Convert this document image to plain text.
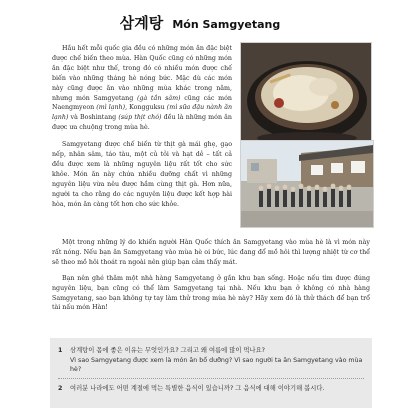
삼계탕 Món Samgyetang

Hầu hết mỗi quốc gia đều có những món ăn đặc biệt được chế biến theo mùa. Hàn Quốc cũng có những món ăn đặc biệt như thế, trong đó có nhiều món được chế biến vào những tháng hè nóng bức. Mặc dù các món này cũng được ăn vào những mùa khác trong năm, nhưng món Samgyetang (gà tần sâm) cũng các món Naengmyeon (mì lạnh), Kongguksu (mì sữa đậu nành ăn lạnh) và Boshintang (súp thịt chó) đều là những món ăn được ưa chuộng trong mùa hè.

Samgyetang được chế biến từ thịt gà mái ghẹ, gạo nếp, nhân sâm, táo tàu, một củ tỏi và hạt dẻ – tất cả đều được xem là những nguyên liệu rất tốt cho sức khỏe. Món ăn này chứa nhiều dưỡng chất vì những nguyên liệu vừa nêu được hầm cùng thịt gà. Hơn nữa, người ta cho rằng do các nguyên liệu được kết hợp hài hòa, món ăn càng tốt hơn cho sức khỏe.

Một trong những lý do khiến người Hàn Quốc thích ăn Samgyetang vào mùa hè là vì món này rất nóng. Nếu bạn ăn Samgyetang vào mùa hè oi bức, lúc đang đổ mồ hôi thì lượng nhiệt từ cơ thể sẽ theo mồ hôi thoát ra ngoài nên giúp bạn cảm thấy mát.

Bạn nên ghé thăm một nhà hàng Samgyetang ở gần khu bạn sống. Hoặc nếu tìm được đúng nguyên liệu, bạn cũng có thể làm Samgyetang tại nhà. Nếu khu bạn ở không có nhà hàng Samgyetang, sao bạn không tự tay làm thử trong mùa hè này? Hãy xem đó là thử thách để bạn trổ tài nấu món Hàn!

1 삼계탕이 몸에 좋은 이유는 무엇인가요? 그리고 왜 여름에 많이 먹나요?
Vì sao Samgyetang được xem là món ăn bổ dưỡng? Vì sao người ta ăn Samgyetang vào mùa hè?
2 여러분 나라에도 어떤 계절에 먹는 특별한 음식이 있습니까? 그 음식에 대해 이야기해 봅시다.
